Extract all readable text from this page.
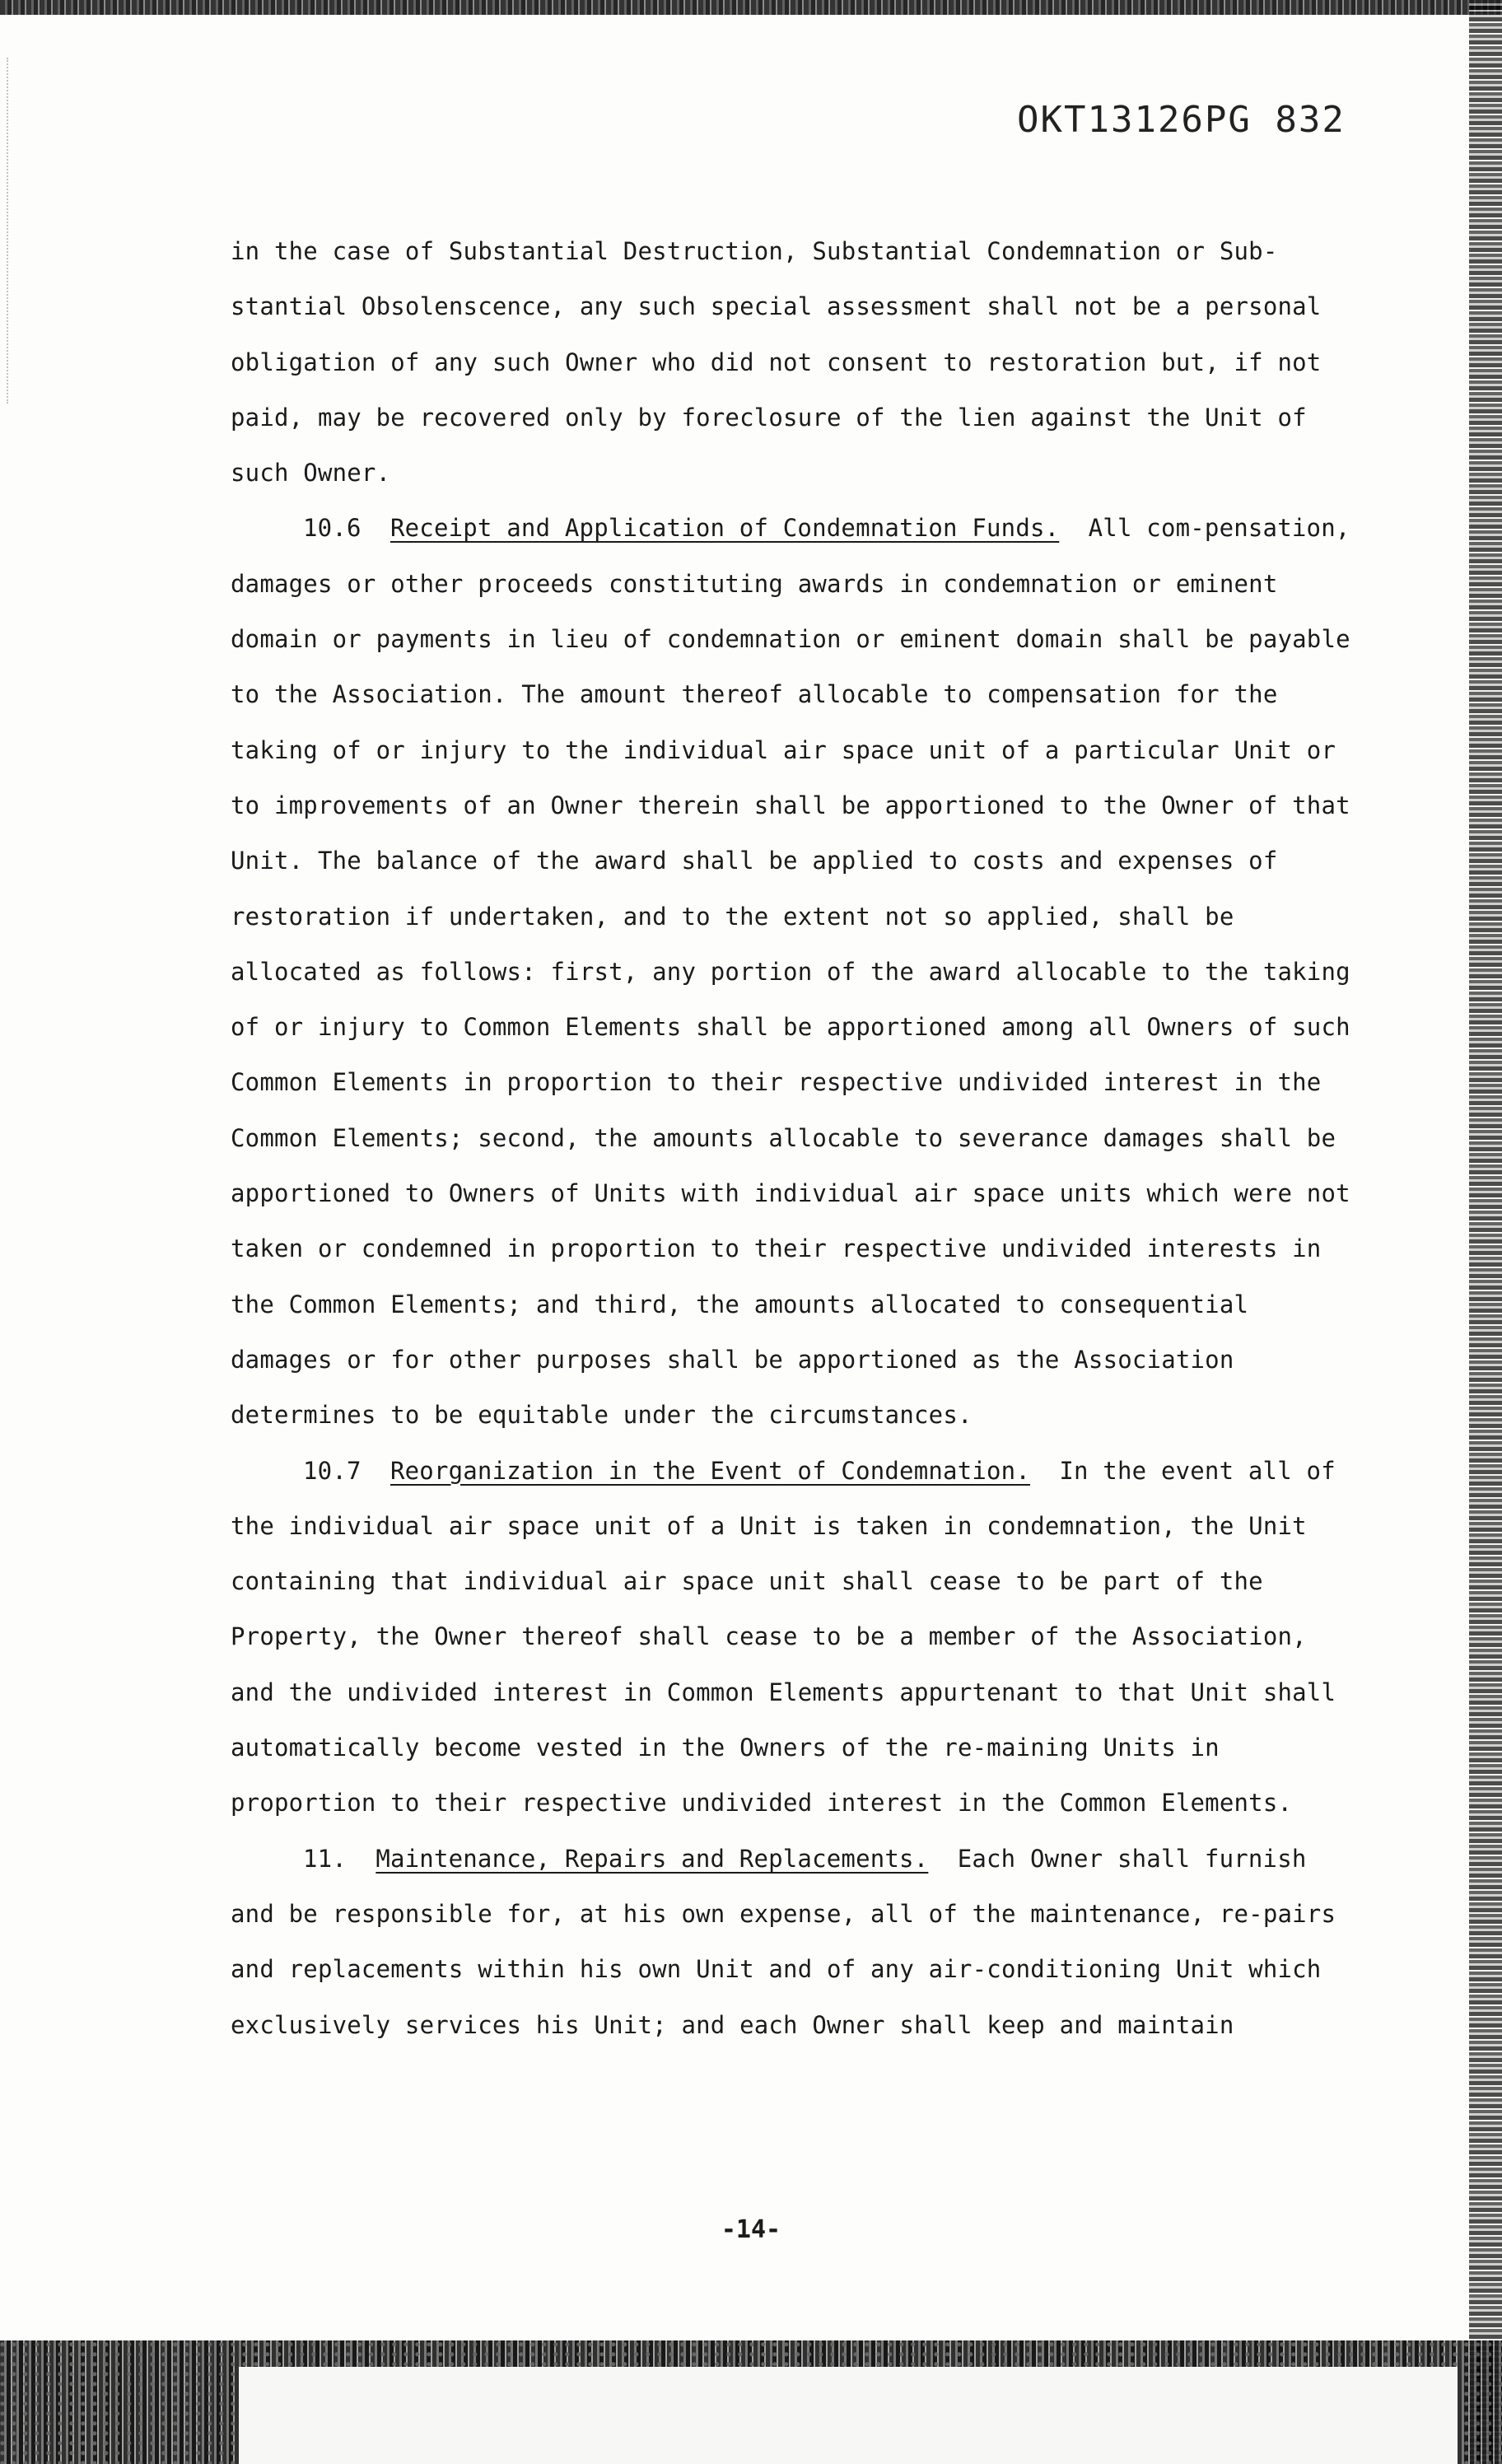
OKT13126PG 832

in the case of Substantial Destruction, Substantial Condemnation or Sub-stantial Obsolenscence, any such special assessment shall not be a personal obligation of any such Owner who did not consent to restoration but, if not paid, may be recovered only by foreclosure of the lien against the Unit of such Owner.

10.6 Receipt and Application of Condemnation Funds. All com-pensation, damages or other proceeds constituting awards in condemnation or eminent domain or payments in lieu of condemnation or eminent domain shall be payable to the Association. The amount thereof allocable to compensation for the taking of or injury to the individual air space unit of a particular Unit or to improvements of an Owner therein shall be apportioned to the Owner of that Unit. The balance of the award shall be applied to costs and expenses of restoration if undertaken, and to the extent not so applied, shall be allocated as follows: first, any portion of the award allocable to the taking of or injury to Common Elements shall be apportioned among all Owners of such Common Elements in proportion to their respective undivided interest in the Common Elements; second, the amounts allocable to severance damages shall be apportioned to Owners of Units with individual air space units which were not taken or condemned in proportion to their respective undivided interests in the Common Elements; and third, the amounts allocated to consequential damages or for other purposes shall be apportioned as the Association determines to be equitable under the circumstances.

10.7 Reorganization in the Event of Condemnation. In the event all of the individual air space unit of a Unit is taken in condemnation, the Unit containing that individual air space unit shall cease to be part of the Property, the Owner thereof shall cease to be a member of the Association, and the undivided interest in Common Elements appurtenant to that Unit shall automatically become vested in the Owners of the re-maining Units in proportion to their respective undivided interest in the Common Elements.

11. Maintenance, Repairs and Replacements. Each Owner shall furnish and be responsible for, at his own expense, all of the maintenance, re-pairs and replacements within his own Unit and of any air-conditioning Unit which exclusively services his Unit; and each Owner shall keep and maintain

-14-
